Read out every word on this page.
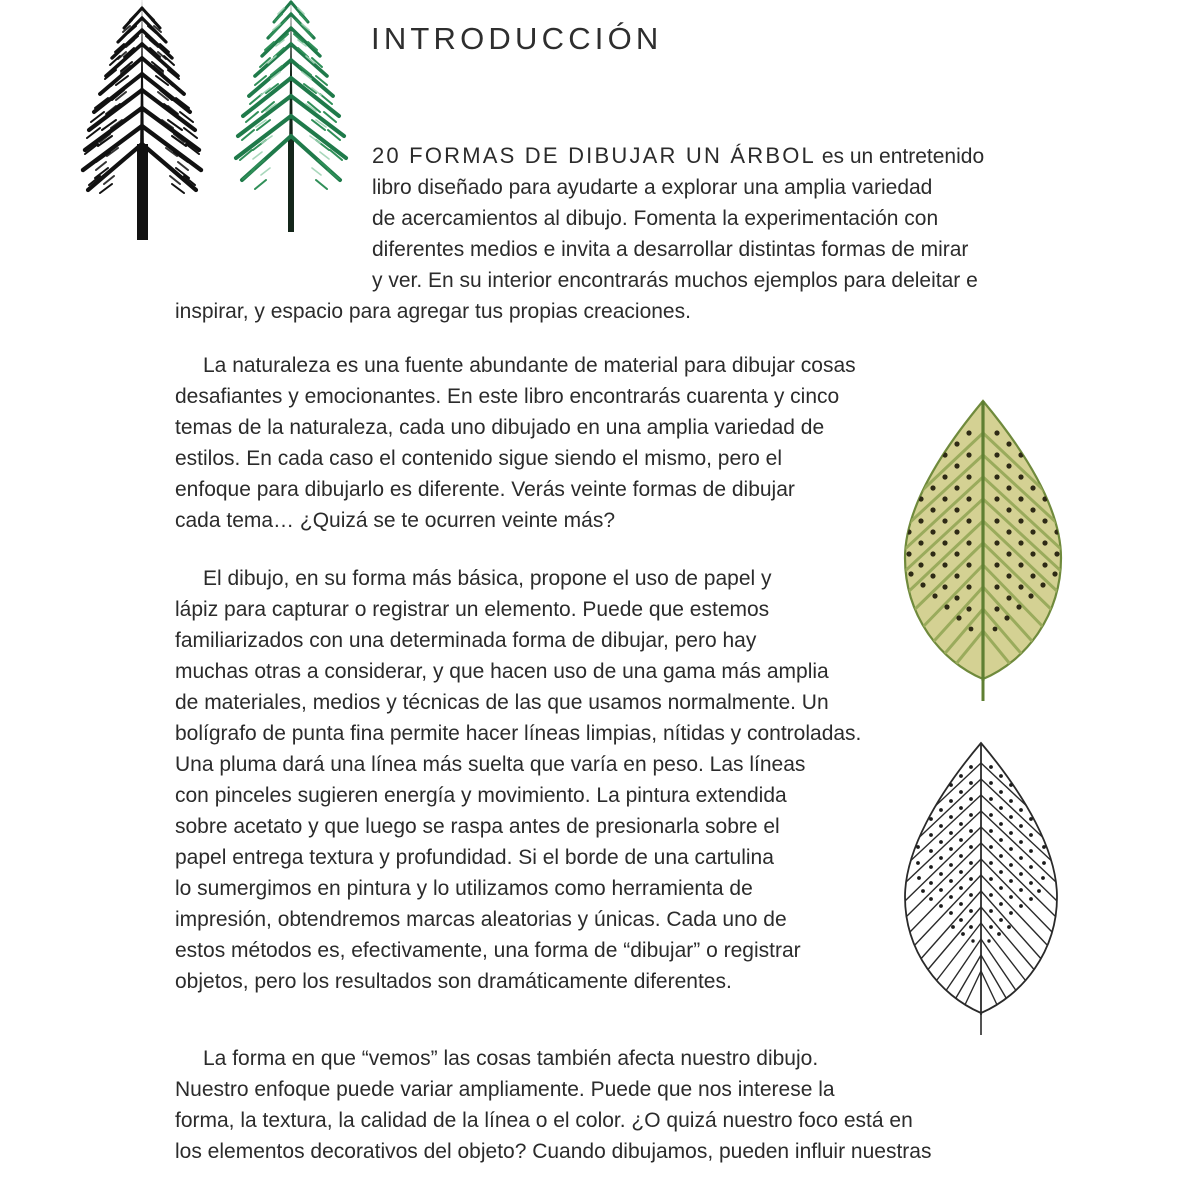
INTRODUCCIÓN
20 FORMAS DE DIBUJAR UN ÁRBOL es un entretenido
libro diseñado para ayudarte a explorar una amplia variedad
de acercamientos al dibujo. Fomenta la experimentación con
diferentes medios e invita a desarrollar distintas formas de mirar
y ver. En su interior encontrarás muchos ejemplos para deleitar e
inspirar, y espacio para agregar tus propias creaciones.
La naturaleza es una fuente abundante de material para dibujar cosas
desafiantes y emocionantes. En este libro encontrarás cuarenta y cinco
temas de la naturaleza, cada uno dibujado en una amplia variedad de
estilos. En cada caso el contenido sigue siendo el mismo, pero el
enfoque para dibujarlo es diferente. Verás veinte formas de dibujar
cada tema… ¿Quizá se te ocurren veinte más?
El dibujo, en su forma más básica, propone el uso de papel y
lápiz para capturar o registrar un elemento. Puede que estemos
familiarizados con una determinada forma de dibujar, pero hay
muchas otras a considerar, y que hacen uso de una gama más amplia
de materiales, medios y técnicas de las que usamos normalmente. Un
bolígrafo de punta fina permite hacer líneas limpias, nítidas y controladas.
Una pluma dará una línea más suelta que varía en peso. Las líneas
con pinceles sugieren energía y movimiento. La pintura extendida
sobre acetato y que luego se raspa antes de presionarla sobre el
papel entrega textura y profundidad. Si el borde de una cartulina
lo sumergimos en pintura y lo utilizamos como herramienta de
impresión, obtendremos marcas aleatorias y únicas. Cada uno de
estos métodos es, efectivamente, una forma de “dibujar” o registrar
objetos, pero los resultados son dramáticamente diferentes.
La forma en que “vemos” las cosas también afecta nuestro dibujo.
Nuestro enfoque puede variar ampliamente. Puede que nos interese la
forma, la textura, la calidad de la línea o el color. ¿O quizá nuestro foco está en
los elementos decorativos del objeto? Cuando dibujamos, pueden influir nuestras
